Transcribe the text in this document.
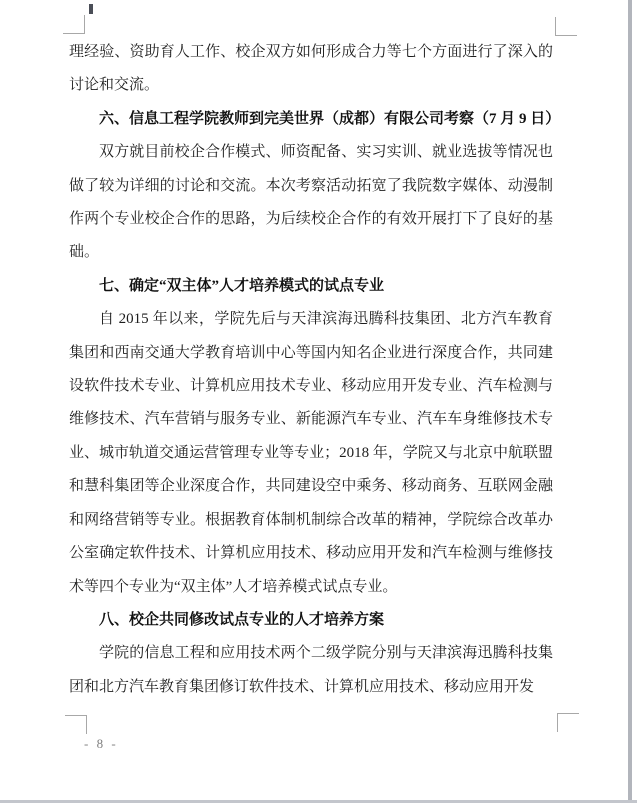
理经验、资助育人工作、校企双方如何形成合力等七个方面进行了深入的讨论和交流。

六、信息工程学院教师到完美世界（成都）有限公司考察（7 月 9 日）

双方就目前校企合作模式、师资配备、实习实训、就业选拔等情况也做了较为详细的讨论和交流。本次考察活动拓宽了我院数字媒体、动漫制作两个专业校企合作的思路，为后续校企合作的有效开展打下了良好的基础。

七、确定“双主体”人才培养模式的试点专业

自 2015 年以来，学院先后与天津滨海迅腾科技集团、北方汽车教育集团和西南交通大学教育培训中心等国内知名企业进行深度合作，共同建设软件技术专业、计算机应用技术专业、移动应用开发专业、汽车检测与维修技术、汽车营销与服务专业、新能源汽车专业、汽车车身维修技术专业、城市轨道交通运营管理专业等专业；2018 年，学院又与北京中航联盟和慧科集团等企业深度合作，共同建设空中乘务、移动商务、互联网金融和网络营销等专业。根据教育体制机制综合改革的精神，学院综合改革办公室确定软件技术、计算机应用技术、移动应用开发和汽车检测与维修技术等四个专业为“双主体”人才培养模式试点专业。

八、校企共同修改试点专业的人才培养方案

学院的信息工程和应用技术两个二级学院分别与天津滨海迅腾科技集团和北方汽车教育集团修订软件技术、计算机应用技术、移动应用开发

- 8 -
